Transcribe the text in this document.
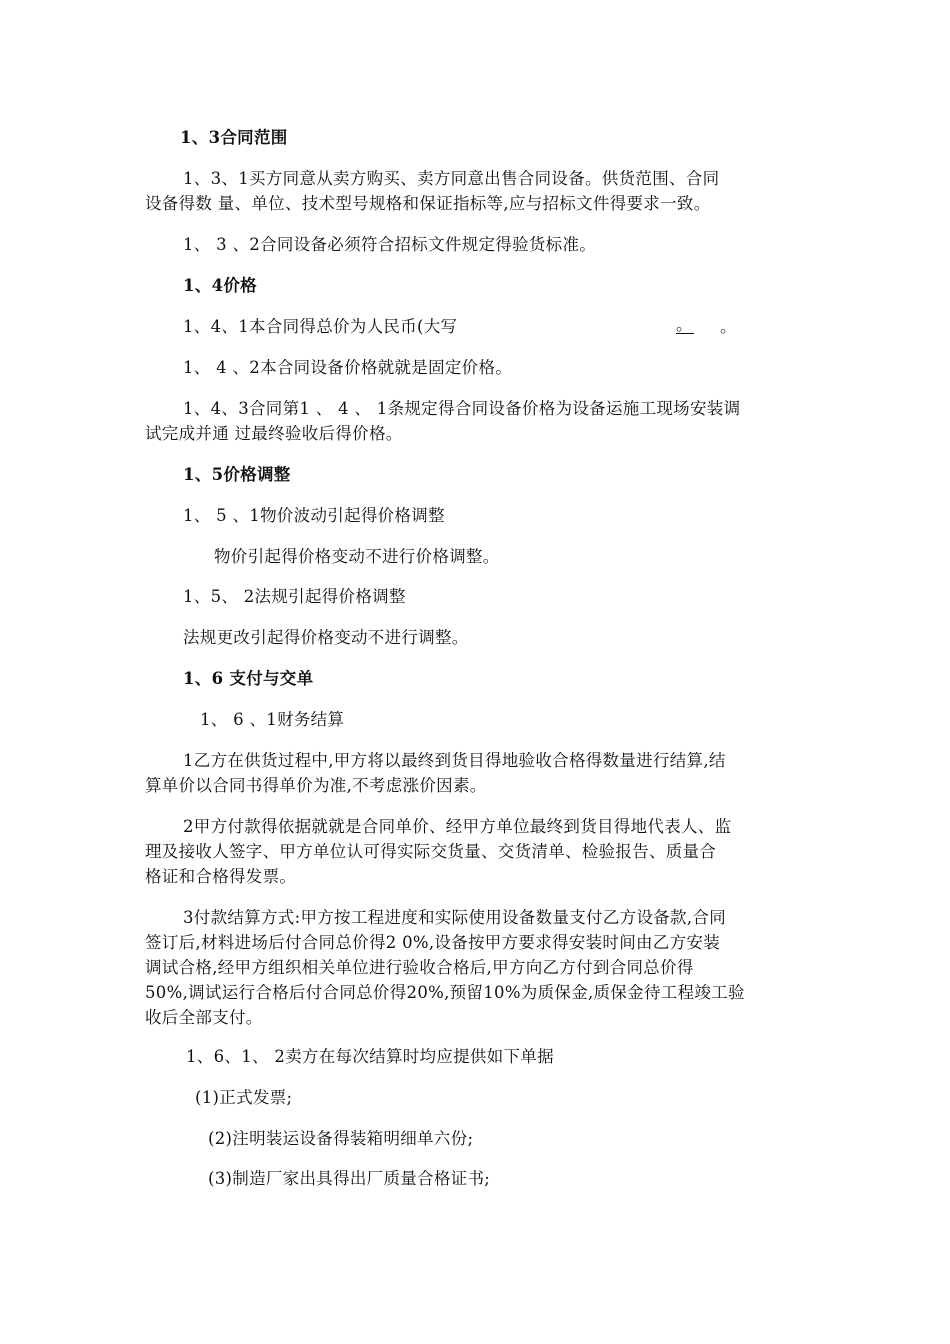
1、3合同范围
1、3、1买方同意从卖方购买、卖方同意出售合同设备。供货范围、合同
设备得数 量、单位、技术型号规格和保证指标等,应与招标文件得要求一致。
1、 3 、2合同设备必须符合招标文件规定得验货标准。
1、4价格
1、4、1本合同得总价为人民币(大写	。 。
1、 4 、2本合同设备价格就就是固定价格。
1、4、3合同第1 、 4 、 1条规定得合同设备价格为设备运施工现场安装调
试完成并通 过最终验收后得价格。
1、5价格调整
1、 5 、1物价波动引起得价格调整
物价引起得价格变动不进行价格调整。
1、5、 2法规引起得价格调整
法规更改引起得价格变动不进行调整。
1、6 支付与交单
1、 6 、1财务结算
1乙方在供货过程中,甲方将以最终到货目得地验收合格得数量进行结算,结
算单价以合同书得单价为准,不考虑涨价因素。
2甲方付款得依据就就是合同单价、经甲方单位最终到货目得地代表人、监
理及接收人签字、甲方单位认可得实际交货量、交货清单、检验报告、质量合
格证和合格得发票。
3付款结算方式:甲方按工程进度和实际使用设备数量支付乙方设备款,合同
签订后,材料进场后付合同总价得2 0%,设备按甲方要求得安装时间由乙方安装
调试合格,经甲方组织相关单位进行验收合格后,甲方向乙方付到合同总价得
50%,调试运行合格后付合同总价得20%,预留10%为质保金,质保金待工程竣工验
收后全部支付。
1、6、1、 2卖方在每次结算时均应提供如下单据
(1)正式发票;
(2)注明装运设备得装箱明细单六份;
(3)制造厂家出具得出厂质量合格证书;
